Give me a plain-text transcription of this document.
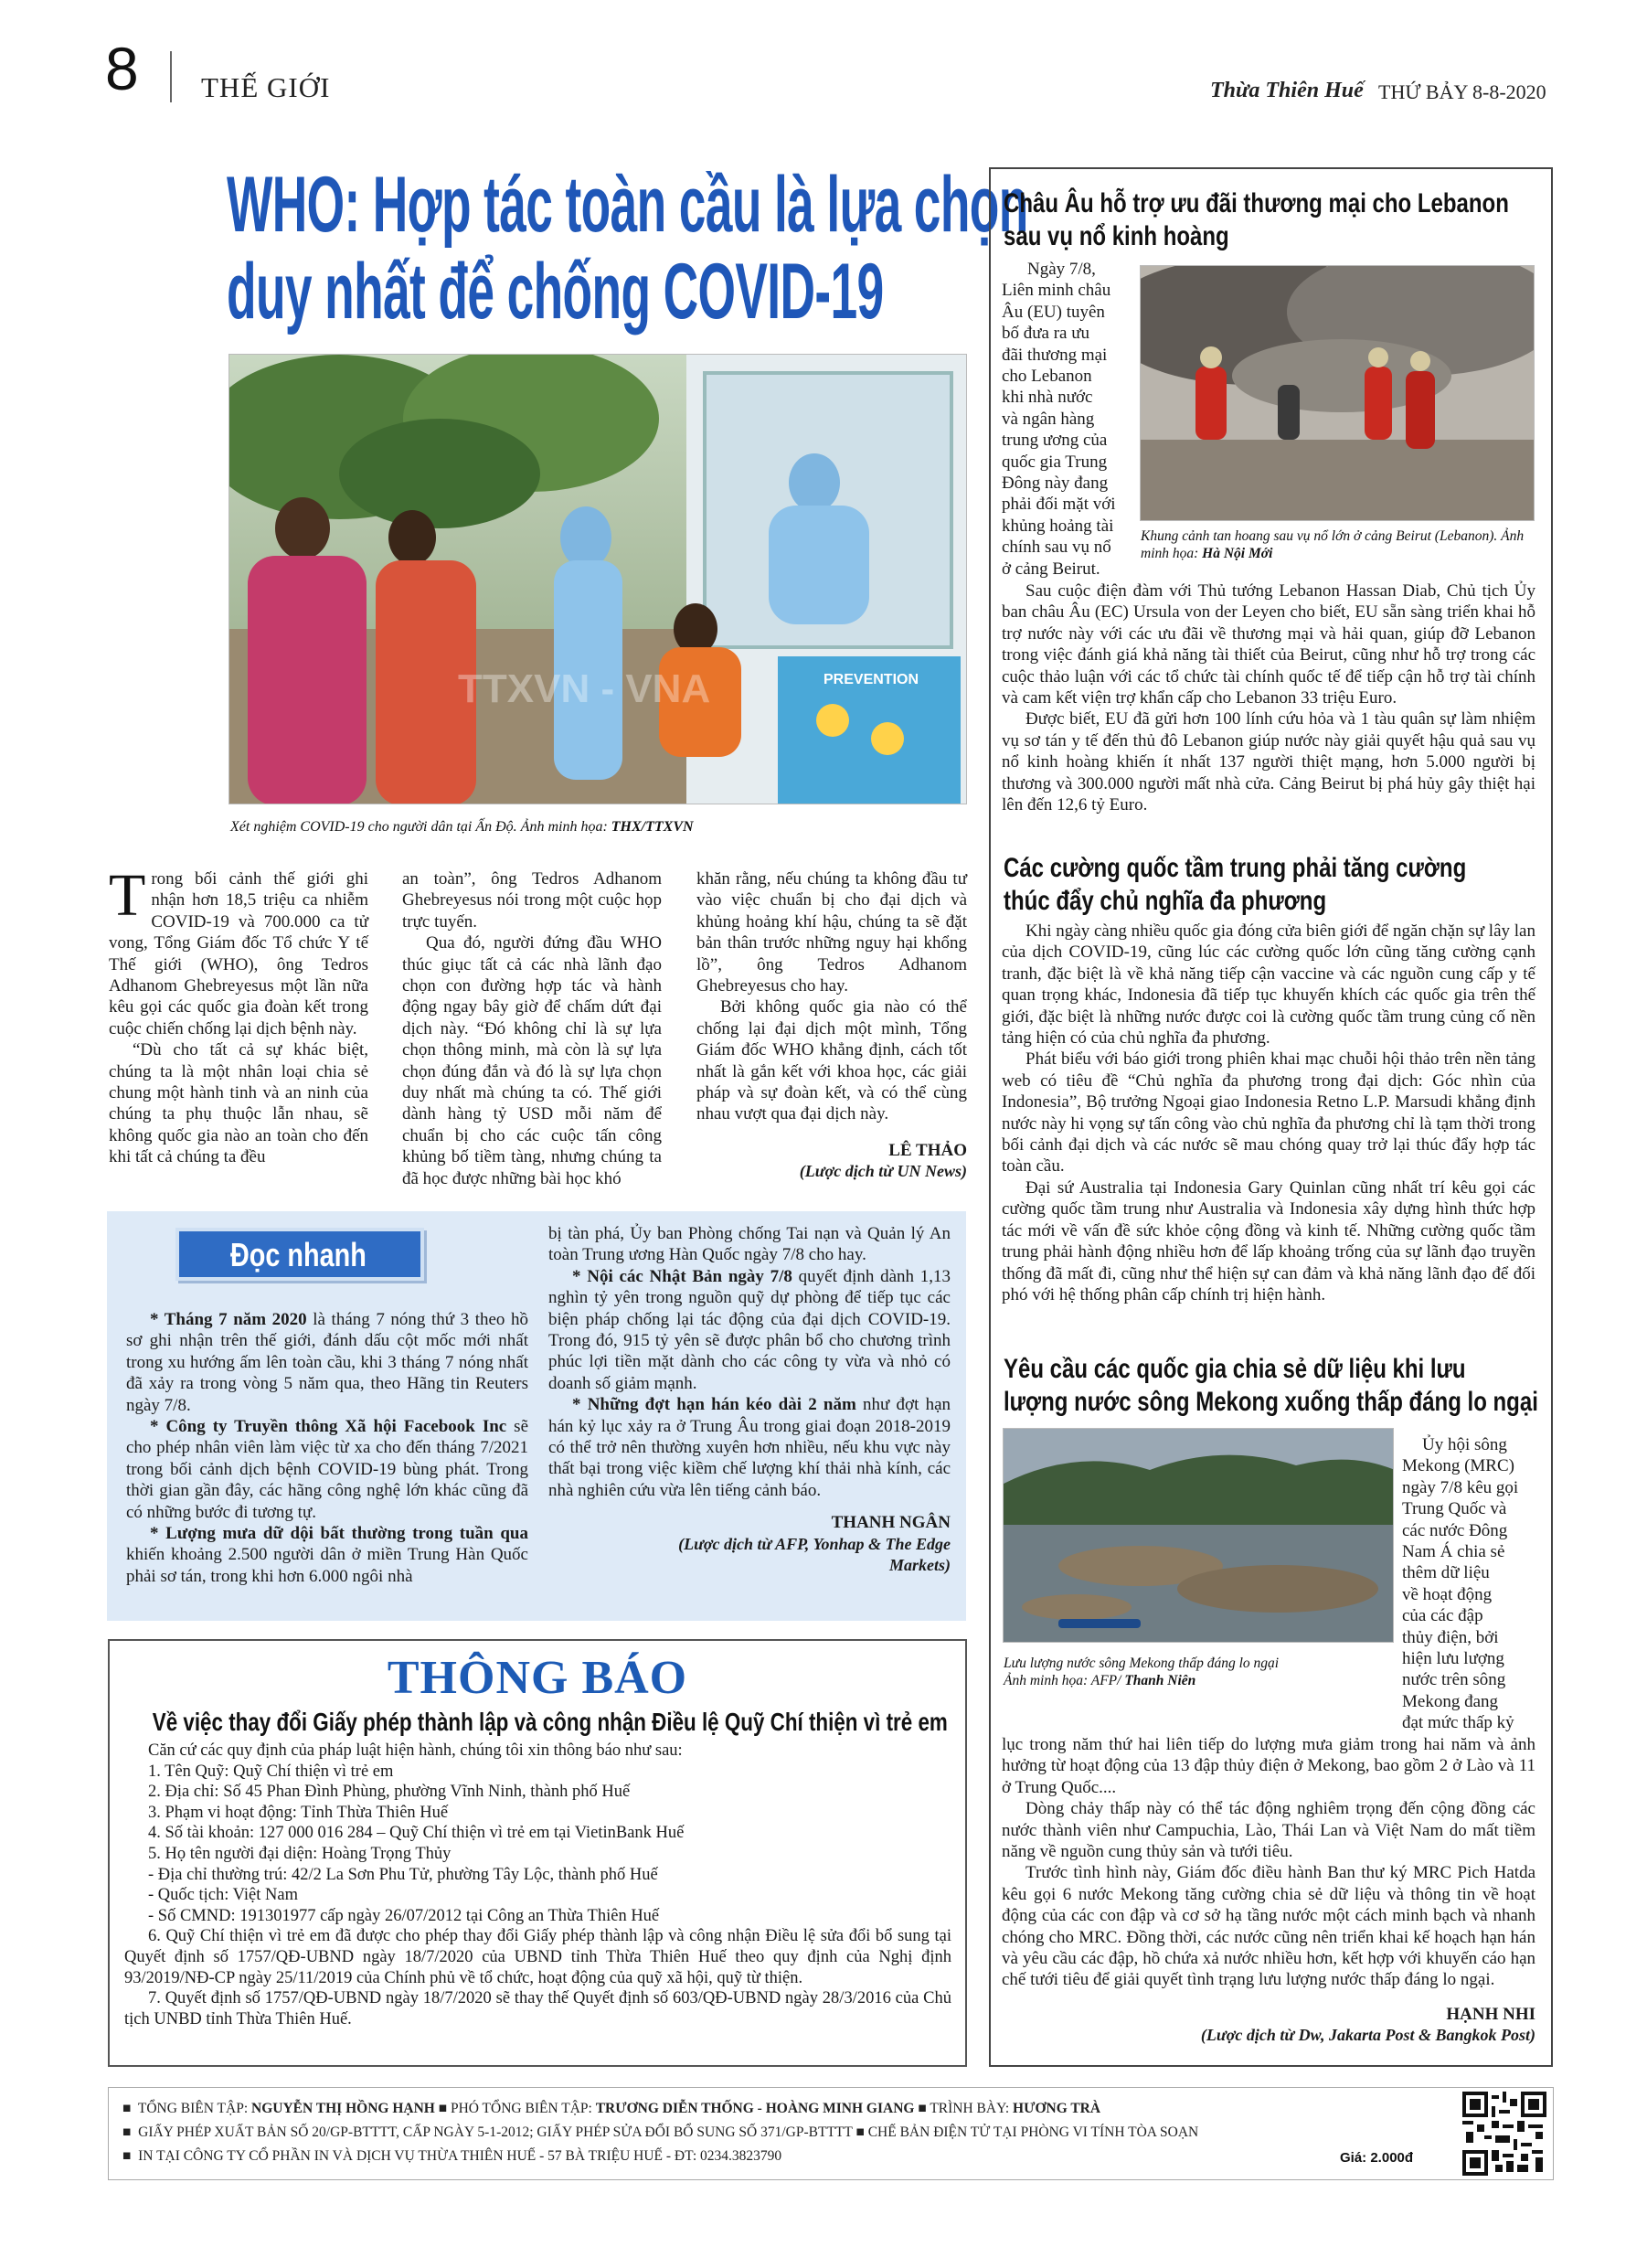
8 THẾ GIỚI	Thừa Thiên Huế THỨ BẢY 8-8-2020
WHO: Hợp tác toàn cầu là lựa chọn
duy nhất để chống COVID-19
PREVENTION
TTXVN - VNA
Xét nghiệm COVID-19 cho người dân tại Ấn Độ. Ảnh minh họa: THX/TTXVN

Trong bối cảnh thế giới ghi nhận hơn 18,5 triệu ca nhiễm COVID-19 và 700.000 ca tử vong, Tổng Giám đốc Tổ chức Y tế Thế giới (WHO), ông Tedros Adhanom Ghebreyesus một lần nữa kêu gọi các quốc gia đoàn kết trong cuộc chiến chống lại dịch bệnh này.

“Dù cho tất cả sự khác biệt, chúng ta là một nhân loại chia sẻ chung một hành tinh và an ninh của chúng ta phụ thuộc lẫn nhau, sẽ không quốc gia nào an toàn cho đến khi tất cả chúng ta đều

an toàn”, ông Tedros Adhanom Ghebreyesus nói trong một cuộc họp trực tuyến.

Qua đó, người đứng đầu WHO thúc giục tất cả các nhà lãnh đạo chọn con đường hợp tác và hành động ngay bây giờ để chấm dứt đại dịch này. “Đó không chỉ là sự lựa chọn thông minh, mà còn là sự lựa chọn đúng đắn và đó là sự lựa chọn duy nhất mà chúng ta có. Thế giới dành hàng tỷ USD mỗi năm để chuẩn bị cho các cuộc tấn công khủng bố tiềm tàng, nhưng chúng ta đã học được những bài học khó

khăn rằng, nếu chúng ta không đầu tư vào việc chuẩn bị cho đại dịch và khủng hoảng khí hậu, chúng ta sẽ đặt bản thân trước những nguy hại khổng lồ”, ông Tedros Adhanom Ghebreyesus cho hay.

Bởi không quốc gia nào có thể chống lại đại dịch một mình, Tổng Giám đốc WHO khẳng định, cách tốt nhất là gắn kết với khoa học, các giải pháp và sự đoàn kết, và có thể cùng nhau vượt qua đại dịch này.

LÊ THẢO
(Lược dịch từ UN News)
Đọc nhanh

* Tháng 7 năm 2020 là tháng 7 nóng thứ 3 theo hồ sơ ghi nhận trên thế giới, đánh dấu cột mốc mới nhất trong xu hướng ấm lên toàn cầu, khi 3 tháng 7 nóng nhất đã xảy ra trong vòng 5 năm qua, theo Hãng tin Reuters ngày 7/8.

* Công ty Truyền thông Xã hội Facebook Inc sẽ cho phép nhân viên làm việc từ xa cho đến tháng 7/2021 trong bối cảnh dịch bệnh COVID-19 bùng phát. Trong thời gian gần đây, các hãng công nghệ lớn khác cũng đã có những bước đi tương tự.

* Lượng mưa dữ dội bất thường trong tuần qua khiến khoảng 2.500 người dân ở miền Trung Hàn Quốc phải sơ tán, trong khi hơn 6.000 ngôi nhà

bị tàn phá, Ủy ban Phòng chống Tai nạn và Quản lý An toàn Trung ương Hàn Quốc ngày 7/8 cho hay.

* Nội các Nhật Bản ngày 7/8 quyết định dành 1,13 nghìn tỷ yên trong nguồn quỹ dự phòng để tiếp tục các biện pháp chống lại tác động của đại dịch COVID-19. Trong đó, 915 tỷ yên sẽ được phân bổ cho chương trình phúc lợi tiền mặt dành cho các công ty vừa và nhỏ có doanh số giảm mạnh.

* Những đợt hạn hán kéo dài 2 năm như đợt hạn hán kỷ lục xảy ra ở Trung Âu trong giai đoạn 2018-2019 có thể trở nên thường xuyên hơn nhiều, nếu khu vực này thất bại trong việc kiềm chế lượng khí thải nhà kính, các nhà nghiên cứu vừa lên tiếng cảnh báo.

THANH NGÂN
(Lược dịch từ AFP, Yonhap & The Edge Markets)
THÔNG BÁO
Về việc thay đổi Giấy phép thành lập và công nhận Điều lệ Quỹ Chí thiện vì trẻ em

Căn cứ các quy định của pháp luật hiện hành, chúng tôi xin thông báo như sau:

1. Tên Quỹ: Quỹ Chí thiện vì trẻ em

2. Địa chỉ: Số 45 Phan Đình Phùng, phường Vĩnh Ninh, thành phố Huế

3. Phạm vi hoạt động: Tỉnh Thừa Thiên Huế

4. Số tài khoản: 127 000 016 284 – Quỹ Chí thiện vì trẻ em tại VietinBank Huế

5. Họ tên người đại diện: Hoàng Trọng Thủy

- Địa chỉ thường trú: 42/2 La Sơn Phu Tử, phường Tây Lộc, thành phố Huế

- Quốc tịch: Việt Nam

- Số CMND: 191301977 cấp ngày 26/07/2012 tại Công an Thừa Thiên Huế

6. Quỹ Chí thiện vì trẻ em đã được cho phép thay đổi Giấy phép thành lập và công nhận Điều lệ sửa đổi bổ sung tại Quyết định số 1757/QĐ-UBND ngày 18/7/2020 của UBND tỉnh Thừa Thiên Huế theo quy định của Nghị định 93/2019/NĐ-CP ngày 25/11/2019 của Chính phủ về tổ chức, hoạt động của quỹ xã hội, quỹ từ thiện.

7. Quyết định số 1757/QĐ-UBND ngày 18/7/2020 sẽ thay thế Quyết định số 603/QĐ-UBND ngày 28/3/2016 của Chủ tịch UNBD tỉnh Thừa Thiên Huế.

Châu Âu hỗ trợ ưu đãi thương mại cho Lebanon
sau vụ nổ kinh hoàng
Ngày 7/8,
Liên minh châu
Âu (EU) tuyên
bố đưa ra ưu
đãi thương mại
cho Lebanon
khi nhà nước
và ngân hàng
trung ương của
quốc gia Trung
Đông này đang
phải đối mặt với
khủng hoảng tài
chính sau vụ nổ
ở cảng Beirut.
Khung cảnh tan hoang sau vụ nổ lớn ở cảng Beirut (Lebanon). Ảnh minh họa: Hà Nội Mới

Sau cuộc điện đàm với Thủ tướng Lebanon Hassan Diab, Chủ tịch Ủy ban châu Âu (EC) Ursula von der Leyen cho biết, EU sẵn sàng triển khai hỗ trợ nước này với các ưu đãi về thương mại và hải quan, giúp đỡ Lebanon trong việc đánh giá khả năng tài thiết của Beirut, cũng như hỗ trợ trong các cuộc thảo luận với các tổ chức tài chính quốc tế để tiếp cận hỗ trợ tài chính và cam kết viện trợ khẩn cấp cho Lebanon 33 triệu Euro.

Được biết, EU đã gửi hơn 100 lính cứu hỏa và 1 tàu quân sự làm nhiệm vụ sơ tán y tế đến thủ đô Lebanon giúp nước này giải quyết hậu quả sau vụ nổ kinh hoàng khiến ít nhất 137 người thiệt mạng, hơn 5.000 người bị thương và 300.000 người mất nhà cửa. Cảng Beirut bị phá hủy gây thiệt hại lên đến 12,6 tỷ Euro.

Các cường quốc tầm trung phải tăng cường
thúc đẩy chủ nghĩa đa phương

Khi ngày càng nhiều quốc gia đóng cửa biên giới để ngăn chặn sự lây lan của dịch COVID-19, cũng lúc các cường quốc lớn cũng tăng cường cạnh tranh, đặc biệt là về khả năng tiếp cận vaccine và các nguồn cung cấp y tế quan trọng khác, Indonesia đã tiếp tục khuyến khích các quốc gia trên thế giới, đặc biệt là những nước được coi là cường quốc tầm trung củng cố nền tảng hiện có của chủ nghĩa đa phương.

Phát biểu với báo giới trong phiên khai mạc chuỗi hội thảo trên nền tảng web có tiêu đề “Chủ nghĩa đa phương trong đại dịch: Góc nhìn của Indonesia”, Bộ trưởng Ngoại giao Indonesia Retno L.P. Marsudi khẳng định nước này hi vọng sự tấn công vào chủ nghĩa đa phương chỉ là tạm thời trong bối cảnh đại dịch và các nước sẽ mau chóng quay trở lại thúc đẩy hợp tác toàn cầu.

Đại sứ Australia tại Indonesia Gary Quinlan cũng nhất trí kêu gọi các cường quốc tầm trung như Australia và Indonesia xây dựng hình thức hợp tác mới về vấn đề sức khỏe cộng đồng và kinh tế. Những cường quốc tầm trung phải hành động nhiều hơn để lấp khoảng trống của sự lãnh đạo truyền thống đã mất đi, cũng như thể hiện sự can đảm và khả năng lãnh đạo để đối phó với hệ thống phân cấp chính trị hiện hành.

Yêu cầu các quốc gia chia sẻ dữ liệu khi lưu
lượng nước sông Mekong xuống thấp đáng lo ngại
Lưu lượng nước sông Mekong thấp đáng lo ngại
Ảnh minh họa: AFP/ Thanh Niên
Ủy hội sông
Mekong (MRC)
ngày 7/8 kêu gọi
Trung Quốc và
các nước Đông
Nam Á chia sẻ
thêm dữ liệu
về hoạt động
của các đập
thủy điện, bởi
hiện lưu lượng
nước trên sông
Mekong đang
đạt mức thấp kỷ

lục trong năm thứ hai liên tiếp do lượng mưa giảm trong hai năm và ảnh hưởng từ hoạt động của 13 đập thủy điện ở Mekong, bao gồm 2 ở Lào và 11 ở Trung Quốc....

Dòng chảy thấp này có thể tác động nghiêm trọng đến cộng đồng các nước thành viên như Campuchia, Lào, Thái Lan và Việt Nam do mất tiềm năng về nguồn cung thủy sản và tưới tiêu.

Trước tình hình này, Giám đốc điều hành Ban thư ký MRC Pich Hatda kêu gọi 6 nước Mekong tăng cường chia sẻ dữ liệu và thông tin về hoạt động của các con đập và cơ sở hạ tầng nước một cách minh bạch và nhanh chóng cho MRC. Đồng thời, các nước cũng nên triển khai kế hoạch hạn hán và yêu cầu các đập, hồ chứa xả nước nhiều hơn, kết hợp với khuyến cáo hạn chế tưới tiêu để giải quyết tình trạng lưu lượng nước thấp đáng lo ngại.

HẠNH NHI
(Lược dịch từ Dw, Jakarta Post & Bangkok Post)
■ TỔNG BIÊN TẬP: NGUYỄN THỊ HỒNG HẠNH ■ PHÓ TỔNG BIÊN TẬP: TRƯƠNG DIỄN THỐNG - HOÀNG MINH GIANG ■ TRÌNH BÀY: HƯƠNG TRÀ
■ GIẤY PHÉP XUẤT BẢN SỐ 20/GP-BTTTT, CẤP NGÀY 5-1-2012; GIẤY PHÉP SỬA ĐỔI BỔ SUNG SỐ 371/GP-BTTTT ■ CHẾ BẢN ĐIỆN TỬ TẠI PHÒNG VI TÍNH TÒA SOẠN
■ IN TẠI CÔNG TY CỔ PHẦN IN VÀ DỊCH VỤ THỪA THIÊN HUẾ - 57 BÀ TRIỆU HUẾ - ĐT: 0234.3823790	Giá: 2.000đ
